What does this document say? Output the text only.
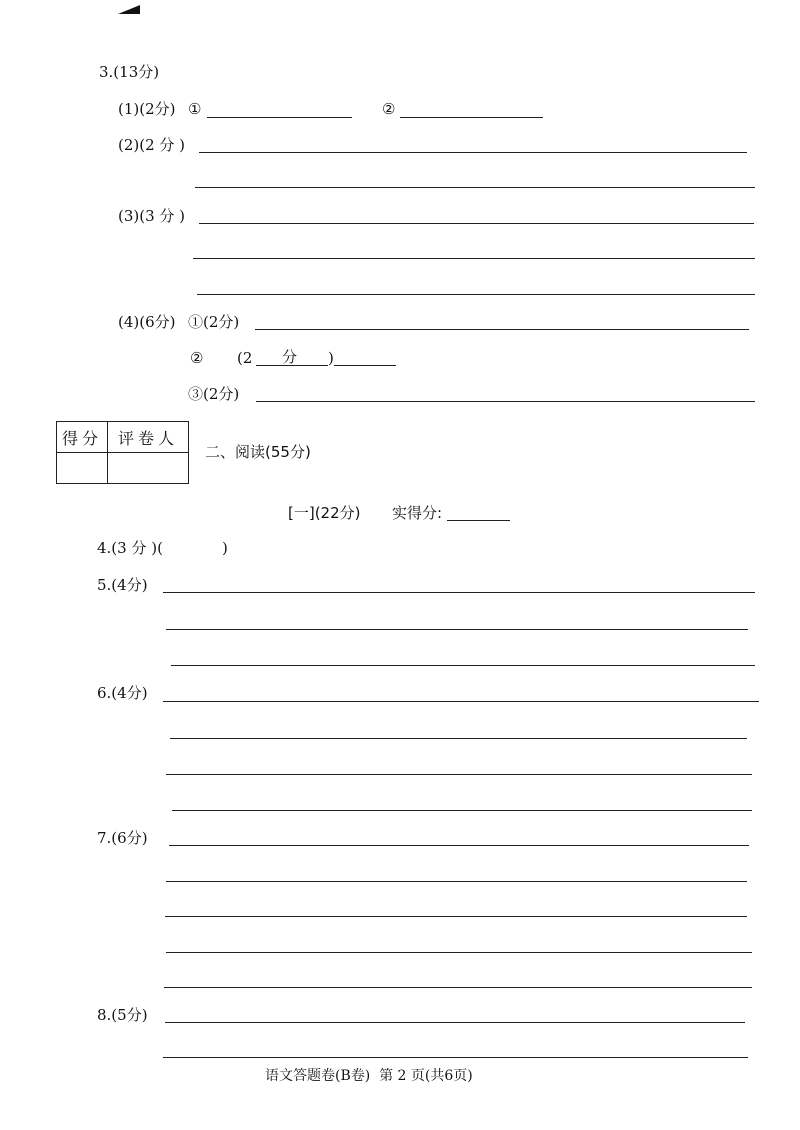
3.(13分)
(1)(2分) ①	②
(2)(2 分 )
(3)(3 分 )
(4)(6分) ①(2分)
② (2 分 )
③(2分)
得分	评卷人

二、阅读(55分)
[一](22分) 实得分:
4.(3 分 )(	)
5.(4分)
6.(4分)
7.(6分)
8.(5分)
语文答题卷(B卷)  第 2 页(共6页)
